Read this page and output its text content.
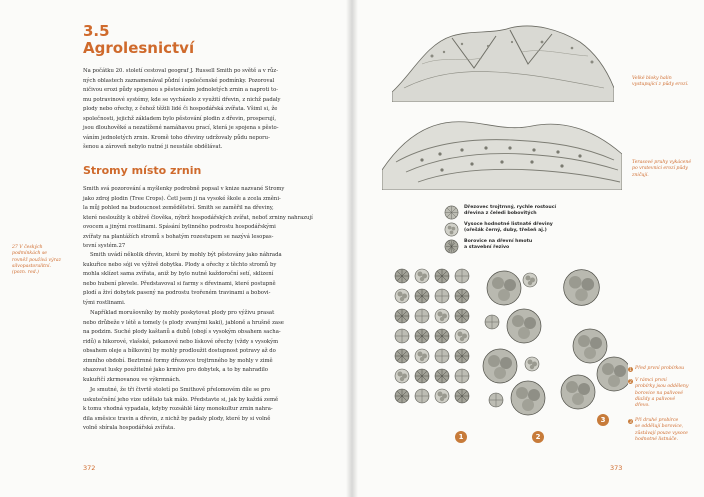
3.5
Agrolesnictví
Na počátku 20. století cestoval geograf J. Russell Smith po světě a v růz-
ných oblastech zaznamenával půdní i společenské podmínky. Pozoroval
ničivou erozi půdy spojenou s pěstováním jednoletých zrnin a naproti to-
mu potravinové systémy, kde se vycházelo z využití dřevin, z nichž padaly
plody nebo ořechy, z čehož těžili lidé či hospodářská zvířata. Všiml si, že
společnosti, jejichž základem bylo pěstování plodin z dřevin, prosperují,
jsou dlouhověké a nezatížené namáhavou prací, která je spojena s pěsto-
váním jednoletých zrnin. Kromě toho dřeviny udržovaly půdu neporu-
šenou a zároveň nebylo nutné ji neustále obdělávat.
Stromy místo zrnin
Smith svá pozorování a myšlenky podrobně popsal v knize nazvané Stromy
jako zdroj plodin (Tree Crops). Četl jsem ji na vysoké škole a zcela změni-
la můj pohled na budoucnost zemědělství. Smith se zaměřil na dřeviny,
které nesloužily k obživě člověka, nýbrž hospodářských zvířat, neboť zrniny nahrazují
ovocem a jinými rostlinami. Spásání bylinného podrostu hospodářskými
zvířaty na plantážích stromů s bohatým rozestupem se nazývá lesopas-
tevní systém.27
Smith uvádí několik dřevin, které by mohly být pěstovány jako náhrada
kukuřice nebo sóji ve výživě dobytka. Plody a ořechy z těchto stromů by
mohla sklízet sama zvířata, aniž by bylo nutné každoroční setí, sklizení
nebo hubení plevele. Představoval si farmy s dřevinami, které postupně
plodí a živí dobytek pasený na podrostu tvořeném travinami a bobovi-
tými rostlinami.
Například morušovníky by mohly poskytovat plody pro výživu prasat
nebo drůbeže v létě a tomely (s plody zvanými kaki), jabloně a hrušně zase
na podzim. Suché plody kaštanů a dubů (obojí s vysokým obsahem sacha-
ridů) a hikorové, vlašské, pekanové nebo lískové ořechy (vždy s vysokým
obsahem oleje a bílkovin) by mohly prodloužit dostupnost potravy až do
zimního období. Beztrnné formy dřezovce trojtrnného by mohly v zimě
shazovat lusky použitelné jako krmivo pro dobytek, a to by nahradilo
kukuřičí zkrmovanou ve výkrmnách.
Je smutné, že tři čtvrtě století po Smithově přelomovém díle se pro
uskutečnění jeho vize udělalo tak málo. Představte si, jak by každá země
k tomu vhodná vypadala, kdyby rozsáhlé lány monokultur zrnin nahra-
dila směsice travin a dřevin, z nichž by padaly plody, které by si volně
volně sbírala hospodářská zvířata.
27 V českých
podmínkách se
rovněž používá výraz
silvopastoralitní.
(pozn. red.)
372
Velké bloky halin
vystupující z půdy erozí.
Terasové pruhy vykácené
po vrstevnici erozí půdy
zničují.
Dřezovec trojtrnný, rychle rostoucí
dřevina z čeledi bobovitých
Vysoce hodnotné listnaté dřeviny
(ořešák černý, duby, třešeň aj.)
Borovice na dřevní hmotu
a stavební řezivo
1	2
3
1 Před první probírkou
2 V rámci první
probírky jsou odděleny
borovice na palivové
dlaždy a palivové
dřevo.
3 Při druhé probírce
se oddělují borovice,
zůstávají pouze vysoce
hodnotné listnáče.
373
